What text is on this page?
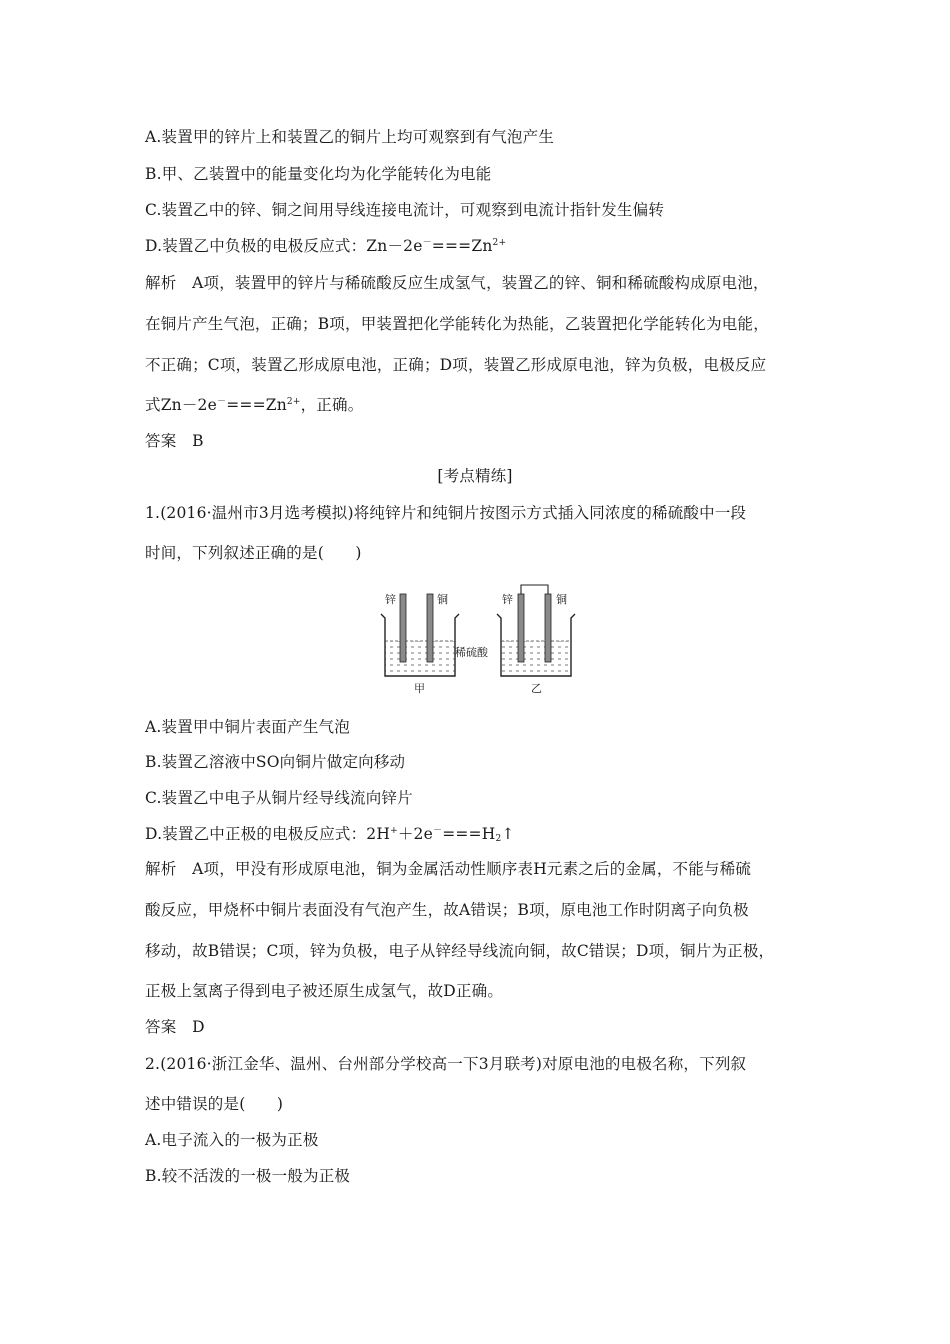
A.装置甲的锌片上和装置乙的铜片上均可观察到有气泡产生
B.甲、乙装置中的能量变化均为化学能转化为电能
C.装置乙中的锌、铜之间用导线连接电流计，可观察到电流计指针发生偏转
D.装置乙中负极的电极反应式：$Zn-2e^-===Zn^{2+}$
解析　A项，装置甲的锌片与稀硫酸反应生成氢气，装置乙的锌、铜和稀硫酸构成原电池，
在铜片产生气泡，正确；B项，甲装置把化学能转化为热能，乙装置把化学能转化为电能，
不正确；C项，装置乙形成原电池，正确；D项，装置乙形成原电池，锌为负极，电极反应
式$Zn-2e^-===Zn^{2+}$，正确。
答案　B
[考点精练]
1.(2016·温州市3月选考模拟)将纯锌片和纯铜片按图示方式插入同浓度的稀硫酸中一段
时间，下列叙述正确的是(　　)
锌	铜
甲
稀硫酸
锌	铜
乙
A.装置甲中铜片表面产生气泡
B.装置乙溶液中SO向铜片做定向移动
C.装置乙中电子从铜片经导线流向锌片
D.装置乙中正极的电极反应式：$2H^++2e^-===H_2↑$
解析　A项，甲没有形成原电池，铜为金属活动性顺序表H元素之后的金属，不能与稀硫
酸反应，甲烧杯中铜片表面没有气泡产生，故A错误；B项，原电池工作时阴离子向负极
移动，故B错误；C项，锌为负极，电子从锌经导线流向铜，故C错误；D项，铜片为正极，
正极上氢离子得到电子被还原生成氢气，故D正确。
答案　D
2.(2016·浙江金华、温州、台州部分学校高一下3月联考)对原电池的电极名称，下列叙
述中错误的是(　　)
A.电子流入的一极为正极
B.较不活泼的一极一般为正极
